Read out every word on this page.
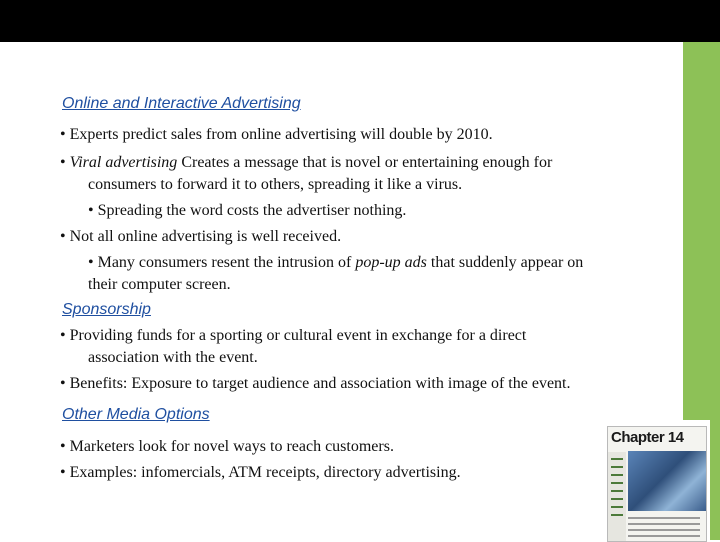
Online and Interactive Advertising
• Experts predict sales from online advertising will double by 2010.
• Viral advertising Creates a message that is novel or entertaining enough for
consumers to forward it to others, spreading it like a virus.
• Spreading the word costs the advertiser nothing.
• Not all online advertising is well received.
• Many consumers resent the intrusion of pop-up ads that suddenly appear on
their computer screen.
Sponsorship
• Providing funds for a sporting or cultural event in exchange for a direct
association with the event.
• Benefits: Exposure to target audience and association with image of the event.
Other Media Options
• Marketers look for novel ways to reach customers.
• Examples: infomercials, ATM receipts, directory advertising.
Chapter 14
